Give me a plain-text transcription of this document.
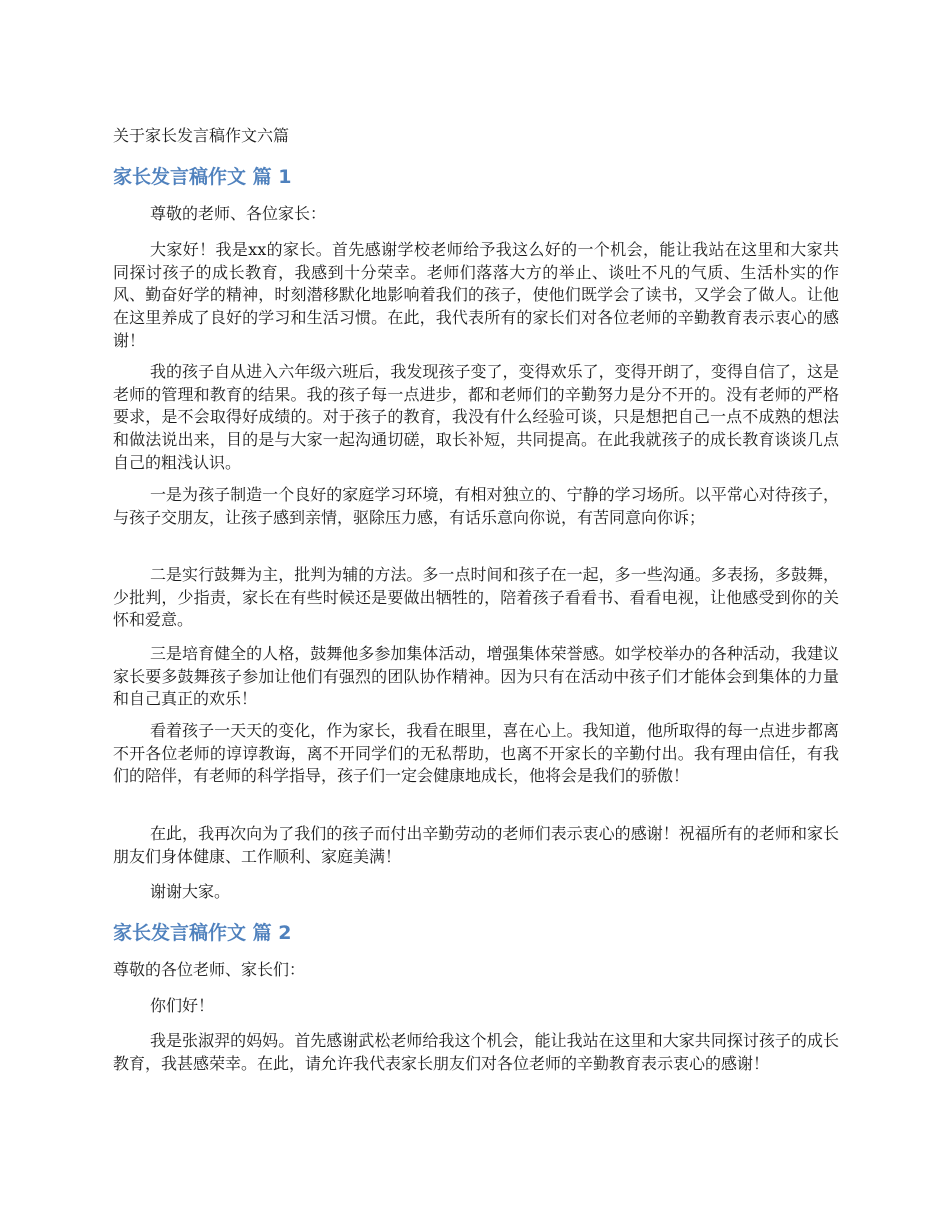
关于家长发言稿作文六篇
家长发言稿作文 篇 1

尊敬的老师、各位家长：

大家好！我是xx的家长。首先感谢学校老师给予我这么好的一个机会，能让我站在这里和大家共同探讨孩子的成长教育，我感到十分荣幸。老师们落落大方的举止、谈吐不凡的气质、生活朴实的作风、勤奋好学的精神，时刻潜移默化地影响着我们的孩子，使他们既学会了读书，又学会了做人。让他在这里养成了良好的学习和生活习惯。在此，我代表所有的家长们对各位老师的辛勤教育表示衷心的感谢！

我的孩子自从进入六年级六班后，我发现孩子变了，变得欢乐了，变得开朗了，变得自信了，这是老师的管理和教育的结果。我的孩子每一点进步，都和老师们的辛勤努力是分不开的。没有老师的严格要求，是不会取得好成绩的。对于孩子的教育，我没有什么经验可谈，只是想把自己一点不成熟的想法和做法说出来，目的是与大家一起沟通切磋，取长补短，共同提高。在此我就孩子的成长教育谈谈几点自己的粗浅认识。

一是为孩子制造一个良好的家庭学习环境，有相对独立的、宁静的学习场所。以平常心对待孩子，与孩子交朋友，让孩子感到亲情，驱除压力感，有话乐意向你说，有苦同意向你诉；

二是实行鼓舞为主，批判为辅的方法。多一点时间和孩子在一起，多一些沟通。多表扬，多鼓舞，少批判，少指责，家长在有些时候还是要做出牺牲的，陪着孩子看看书、看看电视，让他感受到你的关怀和爱意。

三是培育健全的人格，鼓舞他多参加集体活动，增强集体荣誉感。如学校举办的各种活动，我建议家长要多鼓舞孩子参加让他们有强烈的团队协作精神。因为只有在活动中孩子们才能体会到集体的力量和自己真正的欢乐！

看着孩子一天天的变化，作为家长，我看在眼里，喜在心上。我知道，他所取得的每一点进步都离不开各位老师的谆谆教诲，离不开同学们的无私帮助，也离不开家长的辛勤付出。我有理由信任，有我们的陪伴，有老师的科学指导，孩子们一定会健康地成长，他将会是我们的骄傲！

在此，我再次向为了我们的孩子而付出辛勤劳动的老师们表示衷心的感谢！祝福所有的老师和家长朋友们身体健康、工作顺利、家庭美满！

谢谢大家。

家长发言稿作文 篇 2

尊敬的各位老师、家长们：

你们好！

我是张淑羿的妈妈。首先感谢武松老师给我这个机会，能让我站在这里和大家共同探讨孩子的成长教育，我甚感荣幸。在此，请允许我代表家长朋友们对各位老师的辛勤教育表示衷心的感谢！
